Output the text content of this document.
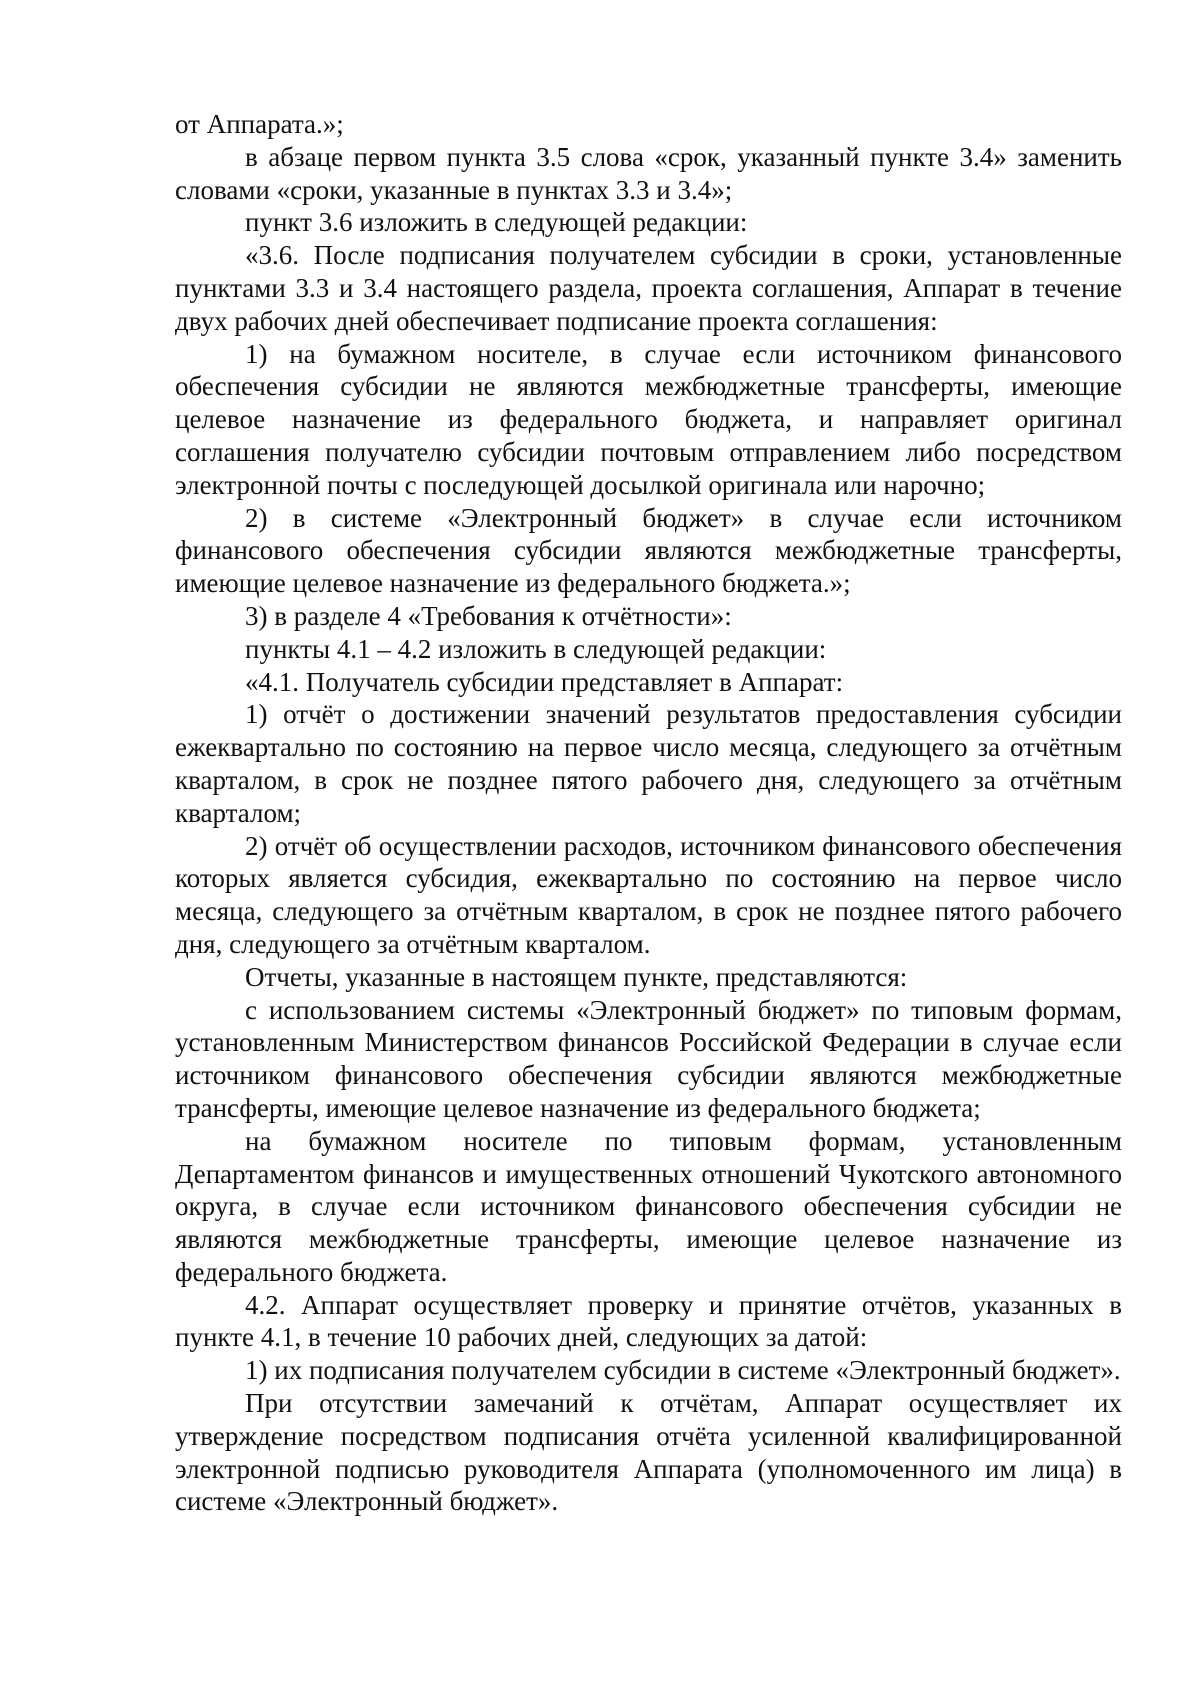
от Аппарата.»;

в абзаце первом пункта 3.5 слова «срок, указанный пункте 3.4» заменить словами «сроки, указанные в пунктах 3.3 и 3.4»;

пункт 3.6 изложить в следующей редакции:

«3.6. После подписания получателем субсидии в сроки, установленные пунктами 3.3 и 3.4 настоящего раздела, проекта соглашения, Аппарат в течение двух рабочих дней обеспечивает подписание проекта соглашения:

1) на бумажном носителе, в случае если источником финансового обеспечения субсидии не являются межбюджетные трансферты, имеющие целевое назначение из федерального бюджета, и направляет оригинал соглашения получателю субсидии почтовым отправлением либо посредством электронной почты с последующей досылкой оригинала или нарочно;

2) в системе «Электронный бюджет» в случае если источником финансового обеспечения субсидии являются межбюджетные трансферты, имеющие целевое назначение из федерального бюджета.»;

3) в разделе 4 «Требования к отчётности»:

пункты 4.1 – 4.2 изложить в следующей редакции:

«4.1. Получатель субсидии представляет в Аппарат:

1) отчёт о достижении значений результатов предоставления субсидии ежеквартально по состоянию на первое число месяца, следующего за отчётным кварталом, в срок не позднее пятого рабочего дня, следующего за отчётным кварталом;

2) отчёт об осуществлении расходов, источником финансового обеспечения которых является субсидия, ежеквартально по состоянию на первое число месяца, следующего за отчётным кварталом, в срок не позднее пятого рабочего дня, следующего за отчётным кварталом.

Отчеты, указанные в настоящем пункте, представляются:

с использованием системы «Электронный бюджет» по типовым формам, установленным Министерством финансов Российской Федерации в случае если источником финансового обеспечения субсидии являются межбюджетные трансферты, имеющие целевое назначение из федерального бюджета;

на бумажном носителе по типовым формам, установленным Департаментом финансов и имущественных отношений Чукотского автономного округа, в случае если источником финансового обеспечения субсидии не являются межбюджетные трансферты, имеющие целевое назначение из федерального бюджета.

4.2. Аппарат осуществляет проверку и принятие отчётов, указанных в пункте 4.1, в течение 10 рабочих дней, следующих за датой:

1) их подписания получателем субсидии в системе «Электронный бюджет».

При отсутствии замечаний к отчётам, Аппарат осуществляет их утверждение посредством подписания отчёта усиленной квалифицированной электронной подписью руководителя Аппарата (уполномоченного им лица) в системе «Электронный бюджет».
